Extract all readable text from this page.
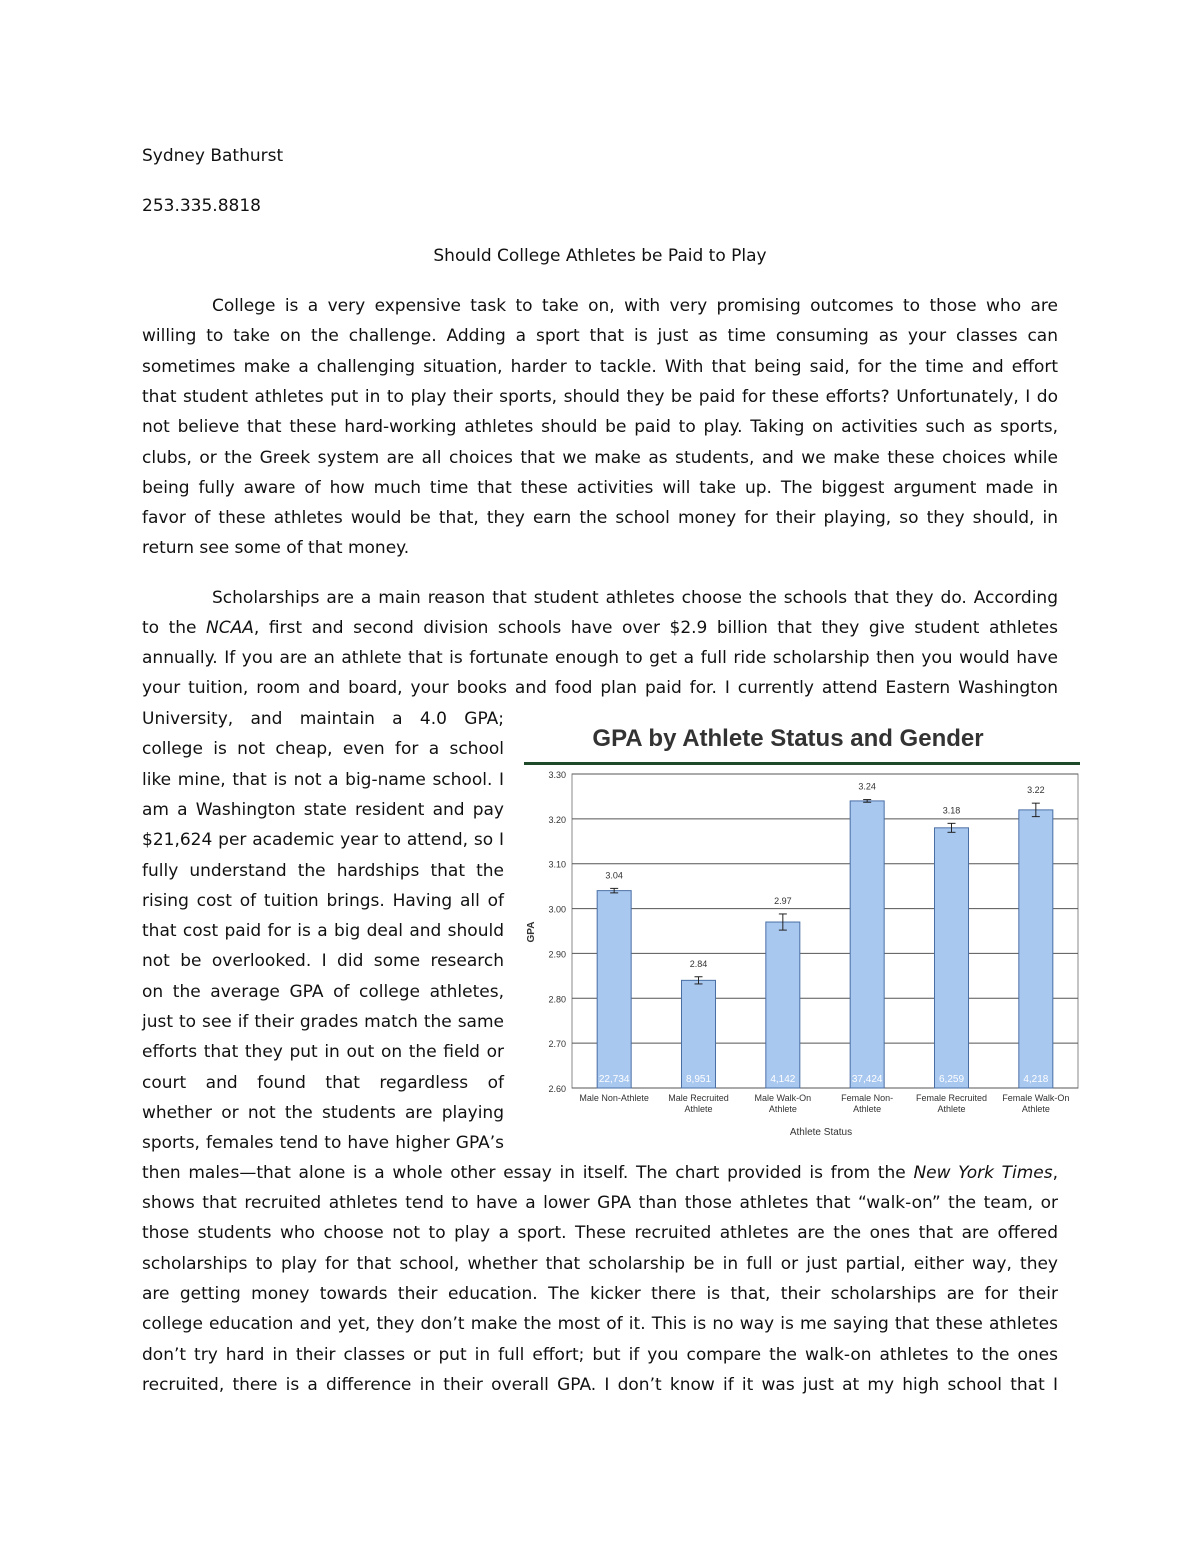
Sydney Bathurst
253.335.8818
Should College Athletes be Paid to Play
College is a very expensive task to take on, with very promising outcomes to those who are
willing to take on the challenge. Adding a sport that is just as time consuming as your classes can
sometimes make a challenging situation, harder to tackle. With that being said, for the time and effort
that student athletes put in to play their sports, should they be paid for these efforts? Unfortunately, I do
not believe that these hard-working athletes should be paid to play. Taking on activities such as sports,
clubs, or the Greek system are all choices that we make as students, and we make these choices while
being fully aware of how much time that these activities will take up. The biggest argument made in
favor of these athletes would be that, they earn the school money for their playing, so they should, in
return see some of that money.
Scholarships are a main reason that student athletes choose the schools that they do. According
to the NCAA, first and second division schools have over $2.9 billion that they give student athletes
annually. If you are an athlete that is fortunate enough to get a full ride scholarship then you would have
your tuition, room and board, your books and food plan paid for. I currently attend Eastern Washington
University, and maintain a 4.0 GPA;
college is not cheap, even for a school
like mine, that is not a big-name school. I
am a Washington state resident and pay
$21,624 per academic year to attend, so I
fully understand the hardships that the
rising cost of tuition brings. Having all of
that cost paid for is a big deal and should
not be overlooked. I did some research
on the average GPA of college athletes,
just to see if their grades match the same
efforts that they put in out on the field or
court and found that regardless of
whether or not the students are playing
sports, females tend to have higher GPA’s
then males—that alone is a whole other essay in itself. The chart provided is from the New York Times,
shows that recruited athletes tend to have a lower GPA than those athletes that “walk-on” the team, or
those students who choose not to play a sport. These recruited athletes are the ones that are offered
scholarships to play for that school, whether that scholarship be in full or just partial, either way, they
are getting money towards their education. The kicker there is that, their scholarships are for their
college education and yet, they don’t make the most of it. This is no way is me saying that these athletes
don’t try hard in their classes or put in full effort; but if you compare the walk-on athletes to the ones
recruited, there is a difference in their overall GPA. I don’t know if it was just at my high school that I
GPA by Athlete Status and Gender
2.60
2.70
2.80
2.90
3.00
3.10
3.20
3.30
GPA
3.04
22,734
Male Non-Athlete
2.84
8,951
Male Recruited
Athlete
2.97
4,142
Male Walk-On
Athlete
3.24
37,424
Female Non-
Athlete
3.18
6,259
Female Recruited
Athlete
3.22
4,218
Female Walk-On
Athlete
Athlete Status
